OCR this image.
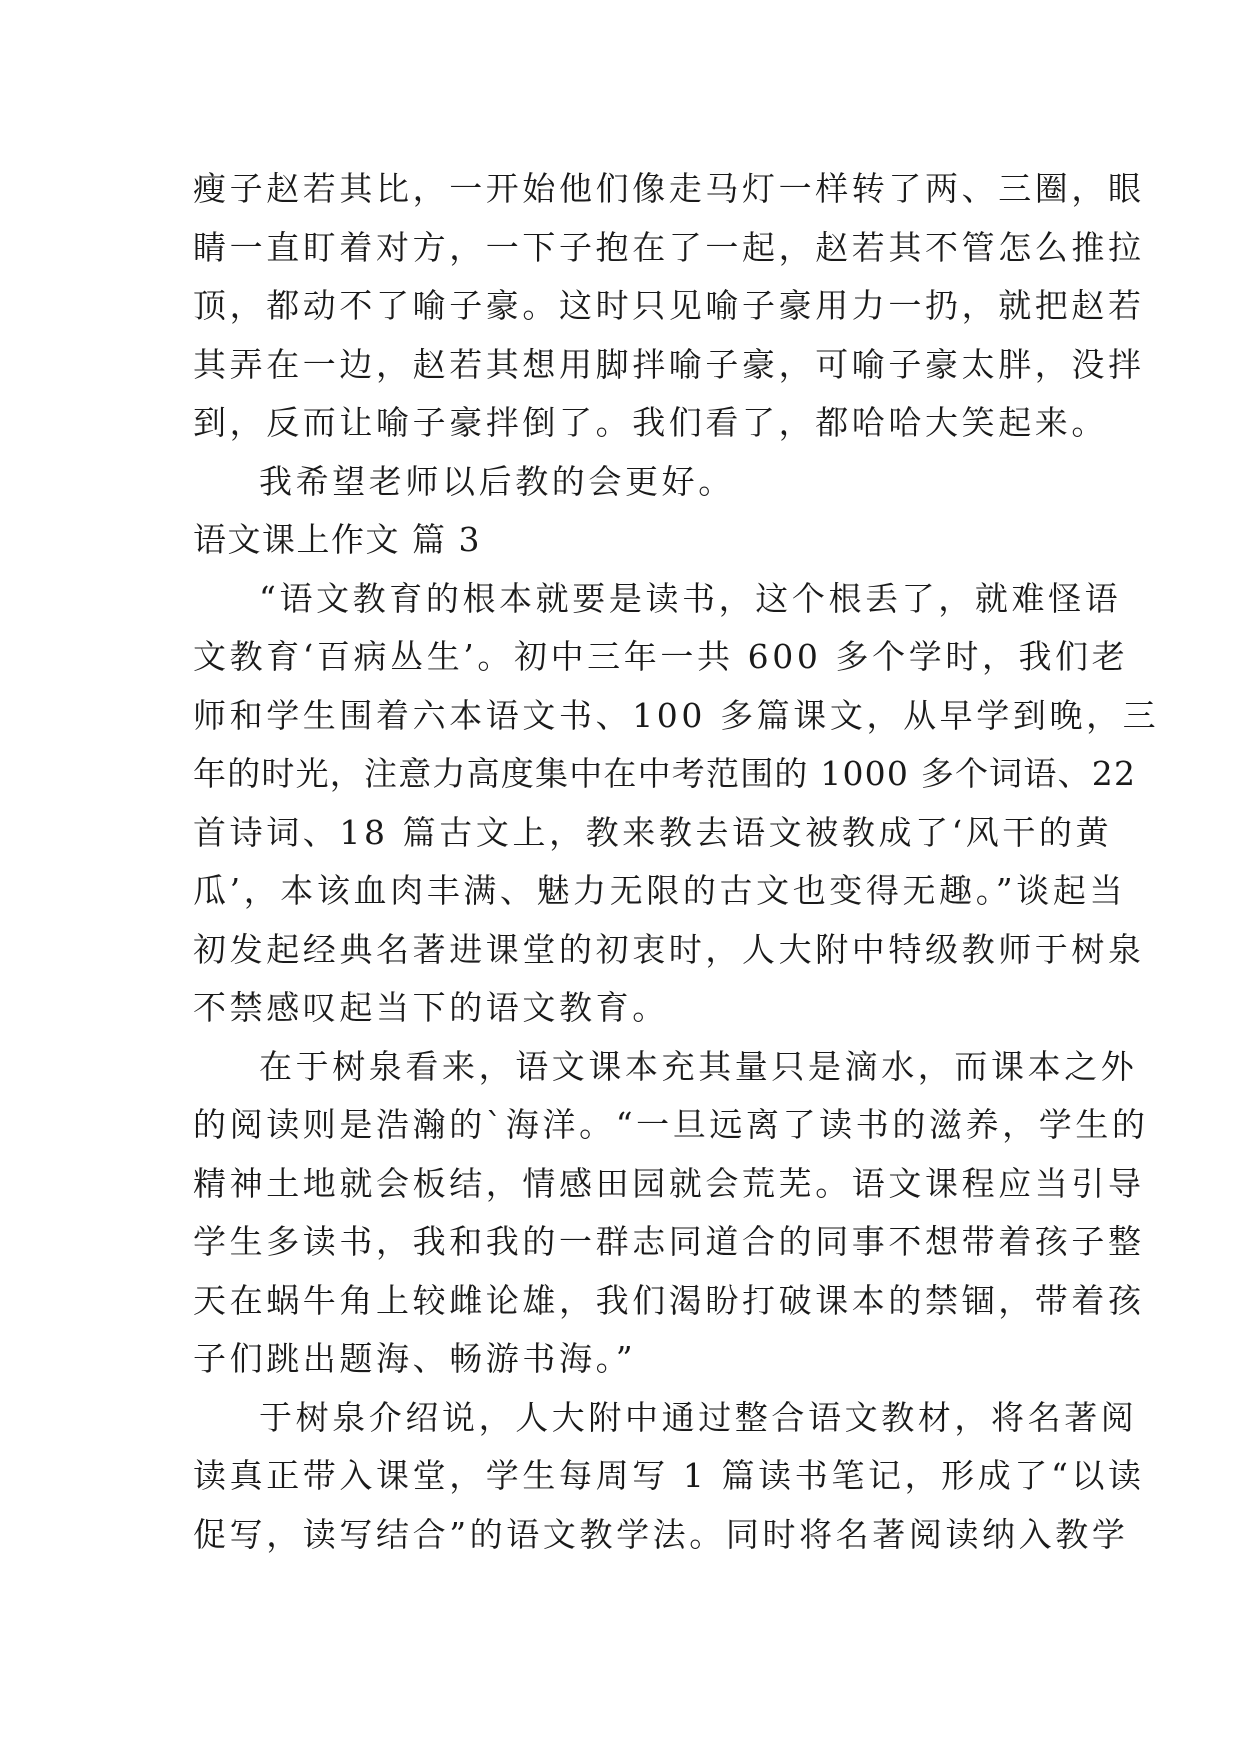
瘦子赵若其比，一开始他们像走马灯一样转了两、三圈，眼
睛一直盯着对方，一下子抱在了一起，赵若其不管怎么推拉
顶，都动不了喻子豪。这时只见喻子豪用力一扔，就把赵若
其弄在一边，赵若其想用脚拌喻子豪，可喻子豪太胖，没拌
到，反而让喻子豪拌倒了。我们看了，都哈哈大笑起来。
我希望老师以后教的会更好。
语文课上作文 篇 3
“语文教育的根本就要是读书，这个根丢了，就难怪语
文教育‘百病丛生’。初中三年一共 600 多个学时，我们老
师和学生围着六本语文书、100 多篇课文，从早学到晚，三
年的时光，注意力高度集中在中考范围的 1000 多个词语、22
首诗词、18 篇古文上，教来教去语文被教成了‘风干的黄
瓜’，本该血肉丰满、魅力无限的古文也变得无趣。”谈起当
初发起经典名著进课堂的初衷时，人大附中特级教师于树泉
不禁感叹起当下的语文教育。
在于树泉看来，语文课本充其量只是滴水，而课本之外
的阅读则是浩瀚的`海洋。“一旦远离了读书的滋养，学生的
精神土地就会板结，情感田园就会荒芜。语文课程应当引导
学生多读书，我和我的一群志同道合的同事不想带着孩子整
天在蜗牛角上较雌论雄，我们渴盼打破课本的禁锢，带着孩
子们跳出题海、畅游书海。”
于树泉介绍说，人大附中通过整合语文教材，将名著阅
读真正带入课堂，学生每周写 1 篇读书笔记，形成了“以读
促写，读写结合”的语文教学法。同时将名著阅读纳入教学
